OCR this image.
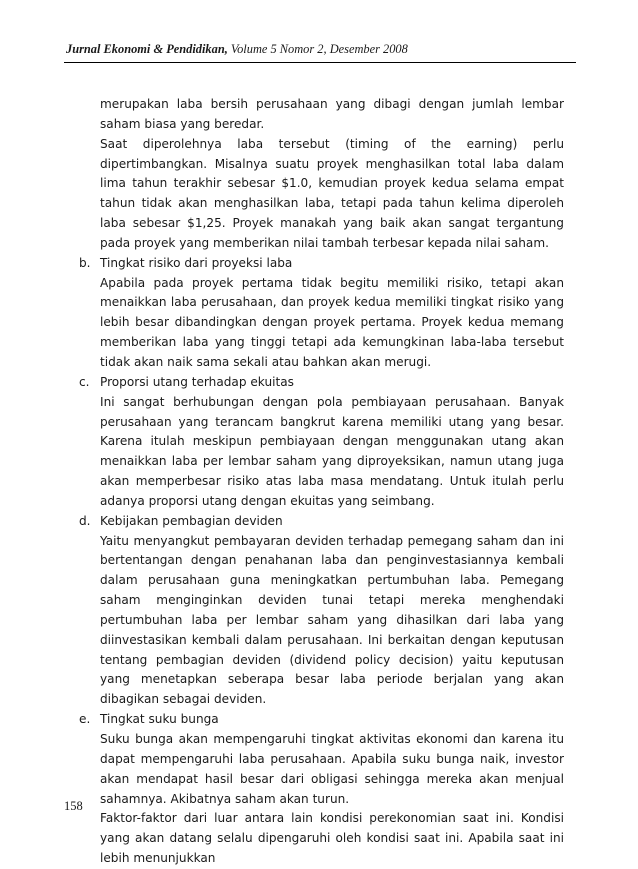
Jurnal Ekonomi & Pendidikan, Volume 5 Nomor 2, Desember 2008
merupakan laba bersih perusahaan yang dibagi dengan jumlah lembar saham biasa yang beredar.
Saat diperolehnya laba tersebut (timing of the earning) perlu dipertimbangkan. Misalnya suatu proyek menghasilkan total laba dalam lima tahun terakhir sebesar $1.0, kemudian proyek kedua selama empat tahun tidak akan menghasilkan laba, tetapi pada tahun kelima diperoleh laba sebesar $1,25. Proyek manakah yang baik akan sangat tergantung pada proyek yang memberikan nilai tambah terbesar kepada nilai saham.
b. Tingkat risiko dari proyeksi laba
Apabila pada proyek pertama tidak begitu memiliki risiko, tetapi akan menaikkan laba perusahaan, dan proyek kedua memiliki tingkat risiko yang lebih besar dibandingkan dengan proyek pertama. Proyek kedua memang memberikan laba yang tinggi tetapi ada kemungkinan laba-laba tersebut tidak akan naik sama sekali atau bahkan akan merugi.
c. Proporsi utang terhadap ekuitas
Ini sangat berhubungan dengan pola pembiayaan perusahaan. Banyak perusahaan yang terancam bangkrut karena memiliki utang yang besar. Karena itulah meskipun pembiayaan dengan menggunakan utang akan menaikkan laba per lembar saham yang diproyeksikan, namun utang juga akan memperbesar risiko atas laba masa mendatang. Untuk itulah perlu adanya proporsi utang dengan ekuitas yang seimbang.
d. Kebijakan pembagian deviden
Yaitu menyangkut pembayaran deviden terhadap pemegang saham dan ini bertentangan dengan penahanan laba dan penginvestasiannya kembali dalam perusahaan guna meningkatkan pertumbuhan laba. Pemegang saham menginginkan deviden tunai tetapi mereka menghendaki pertumbuhan laba per lembar saham yang dihasilkan dari laba yang diinvestasikan kembali dalam perusahaan. Ini berkaitan dengan keputusan tentang pembagian deviden (dividend policy decision) yaitu keputusan yang menetapkan seberapa besar laba periode berjalan yang akan dibagikan sebagai deviden.
e. Tingkat suku bunga
Suku bunga akan mempengaruhi tingkat aktivitas ekonomi dan karena itu dapat mempengaruhi laba perusahaan. Apabila suku bunga naik, investor akan mendapat hasil besar dari obligasi sehingga mereka akan menjual sahamnya. Akibatnya saham akan turun.
Faktor-faktor dari luar antara lain kondisi perekonomian saat ini. Kondisi yang akan datang selalu dipengaruhi oleh kondisi saat ini. Apabila saat ini lebih menunjukkan
158
